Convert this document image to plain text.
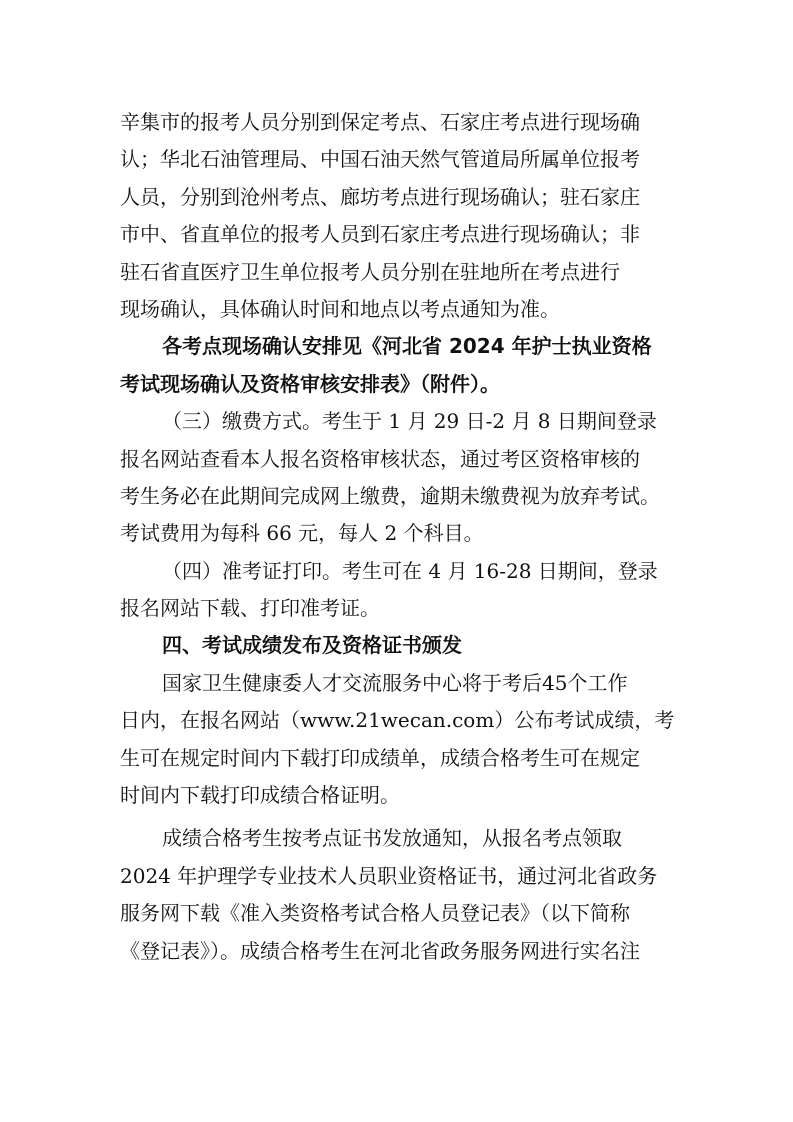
辛集市的报考人员分别到保定考点、石家庄考点进行现场确
认；华北石油管理局、中国石油天然气管道局所属单位报考
人员，分别到沧州考点、廊坊考点进行现场确认；驻石家庄
市中、省直单位的报考人员到石家庄考点进行现场确认；非
驻石省直医疗卫生单位报考人员分别在驻地所在考点进行
现场确认，具体确认时间和地点以考点通知为准。
各考点现场确认安排见《河北省 2024 年护士执业资格
考试现场确认及资格审核安排表》（附件）。
（三）缴费方式。考生于 1 月 29 日-2 月 8 日期间登录
报名网站查看本人报名资格审核状态，通过考区资格审核的
考生务必在此期间完成网上缴费，逾期未缴费视为放弃考试。
考试费用为每科 66 元，每人 2 个科目。
（四）准考证打印。考生可在 4 月 16-28 日期间，登录
报名网站下载、打印准考证。
四、考试成绩发布及资格证书颁发
国家卫生健康委人才交流服务中心将于考后45个工作
日内，在报名网站（www.21wecan.com）公布考试成绩，考
生可在规定时间内下载打印成绩单，成绩合格考生可在规定
时间内下载打印成绩合格证明。
成绩合格考生按考点证书发放通知，从报名考点领取
2024 年护理学专业技术人员职业资格证书，通过河北省政务
服务网下载《准入类资格考试合格人员登记表》（以下简称
《登记表》）。成绩合格考生在河北省政务服务网进行实名注
